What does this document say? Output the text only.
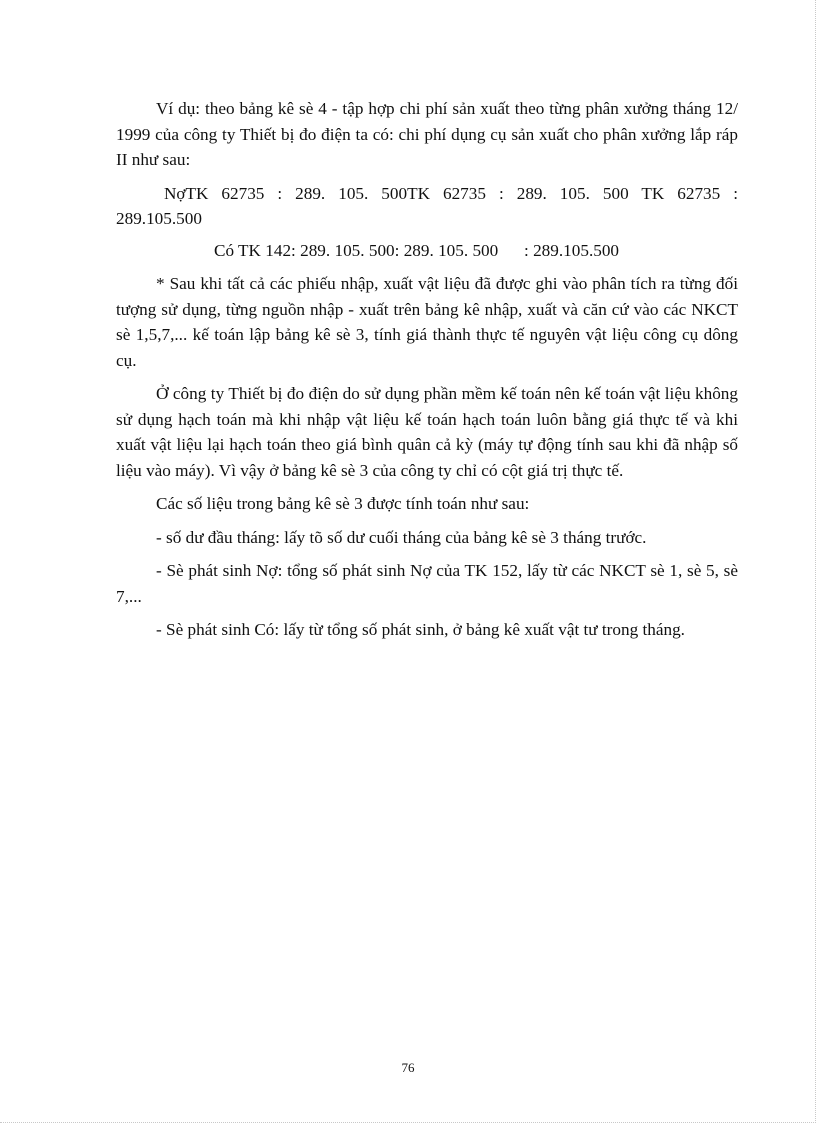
Ví dụ: theo bảng kê sè 4 - tập hợp chi phí sản xuất theo từng phân xưởng tháng 12/ 1999 của công ty Thiết bị đo điện ta có: chi phí dụng cụ sản xuất cho phân xưởng lắp ráp II như sau:

NợTK 62735 : 289. 105. 500TK 62735 : 289. 105. 500 TK 62735 :
289.105.500

Có TK 142: 289. 105. 500: 289. 105. 500      : 289.105.500

* Sau khi tất cả các phiếu nhập, xuất vật liệu đã được ghi vào phân tích ra từng đối tượng sử dụng, từng nguồn nhập - xuất trên bảng kê nhập, xuất và căn cứ vào các NKCT sè 1,5,7,... kế toán lập bảng kê sè 3, tính giá thành thực tế nguyên vật liệu công cụ dông cụ.

Ở công ty Thiết bị đo điện do sử dụng phần mềm kế toán nên kế toán vật liệu không sử dụng hạch toán mà khi nhập vật liệu kế toán hạch toán luôn bằng giá thực tế và khi xuất vật liệu lại hạch toán theo giá bình quân cả kỳ (máy tự động tính sau khi đã nhập số liệu vào máy). Vì vậy ở bảng kê sè 3 của công ty chỉ có cột giá trị thực tế.

Các số liệu trong bảng kê sè 3 được tính toán như sau:

- số dư đầu tháng: lấy tõ số dư cuối tháng của bảng kê sè 3 tháng trước.

- Sè phát sinh Nợ: tổng số phát sinh Nợ của TK 152, lấy từ các NKCT sè 1, sè 5, sè 7,...

- Sè phát sinh Có: lấy từ tổng số phát sinh, ở bảng kê xuất vật tư trong tháng.

76
